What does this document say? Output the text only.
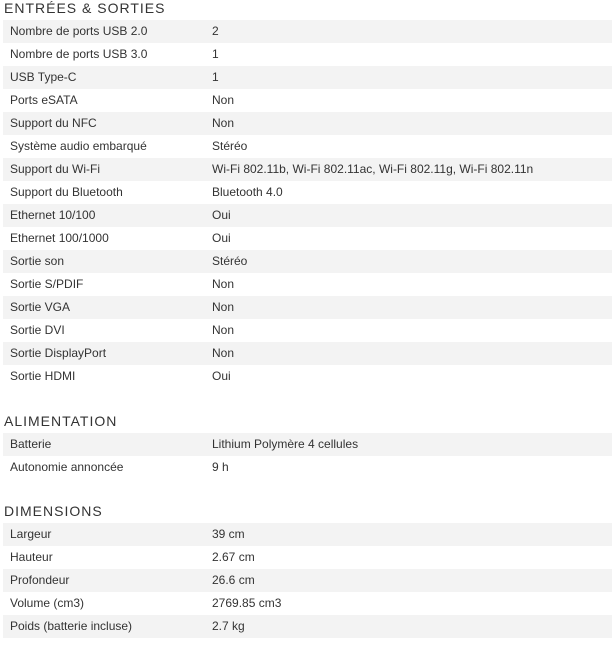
ENTRÉES & SORTIES
Nombre de ports USB 2.0	2
Nombre de ports USB 3.0	1
USB Type-C	1
Ports eSATA	Non
Support du NFC	Non
Système audio embarqué	Stéréo
Support du Wi-Fi	Wi-Fi 802.11b, Wi-Fi 802.11ac, Wi-Fi 802.11g, Wi-Fi 802.11n
Support du Bluetooth	Bluetooth 4.0
Ethernet 10/100	Oui
Ethernet 100/1000	Oui
Sortie son	Stéréo
Sortie S/PDIF	Non
Sortie VGA	Non
Sortie DVI	Non
Sortie DisplayPort	Non
Sortie HDMI	Oui
ALIMENTATION
Batterie	Lithium Polymère 4 cellules
Autonomie annoncée	9 h
DIMENSIONS
Largeur	39 cm
Hauteur	2.67 cm
Profondeur	26.6 cm
Volume (cm3)	2769.85 cm3
Poids (batterie incluse)	2.7 kg
